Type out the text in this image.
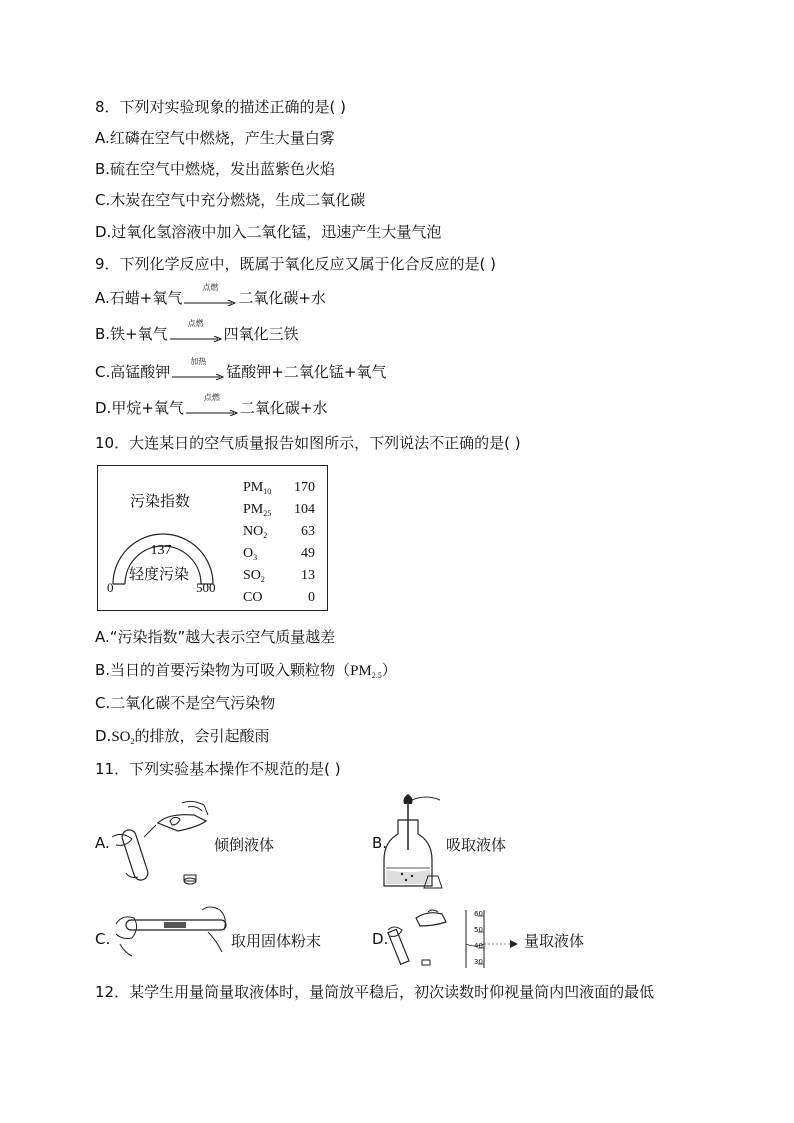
8．下列对实验现象的描述正确的是( )
A.红磷在空气中燃烧，产生大量白雾
B.硫在空气中燃烧，发出蓝紫色火焰
C.木炭在空气中充分燃烧，生成二氧化碳
D.过氧化氢溶液中加入二氧化锰，迅速产生大量气泡
9．下列化学反应中，既属于氧化反应又属于化合反应的是( )
A.石蜡+氧气
点燃
二氧化碳+水
B.铁+氧气
点燃
四氧化三铁
C.高锰酸钾
加热
锰酸钾+二氧化锰+氧气
D.甲烷+氧气
点燃
二氧化碳+水
10．大连某日的空气质量报告如图所示，下列说法不正确的是( )
污染指数
137
轻度污染
0	500
$PM_{10}$ 170
$PM_{25}$ 104
$NO_2$ 63
$O_3$	49
$SO_2$	13
CO	0
A.“污染指数”越大表示空气质量越差
B.当日的首要污染物为可吸入颗粒物$(PM_{2.5})$
C.二氧化碳不是空气污染物
$D.SO_2$的排放，会引起酸雨
11．下列实验基本操作不规范的是( )
A.	倾倒液体	B.	吸取液体
C.	取用固体粉末	D.
60
50
40
30
量取液体
12．某学生用量筒量取液体时，量筒放平稳后，初次读数时仰视量筒内凹液面的最低
